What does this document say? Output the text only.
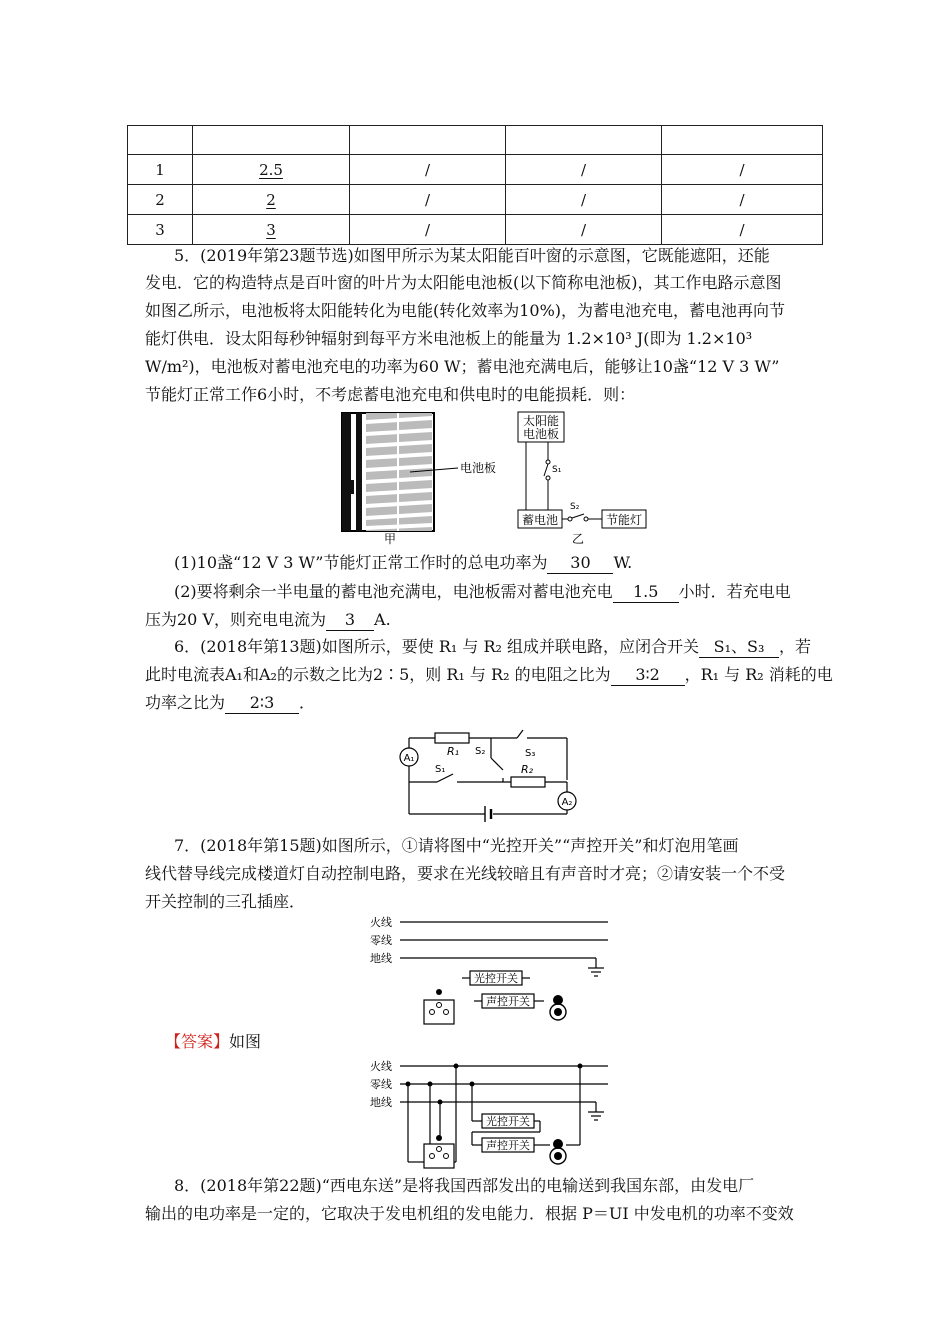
1	2.5	/	/	/
2	2	/	/	/
3	3	/	/	/
5．(2019年第23题节选)如图甲所示为某太阳能百叶窗的示意图，它既能遮阳，还能
发电．它的构造特点是百叶窗的叶片为太阳能电池板(以下简称电池板)，其工作电路示意图
如图乙所示，电池板将太阳能转化为电能(转化效率为10%)，为蓄电池充电，蓄电池再向节
能灯供电．设太阳每秒钟辐射到每平方米电池板上的能量为 1.2×10³ J(即为 1.2×10³
W/m²)，电池板对蓄电池充电的功率为60 W；蓄电池充满电后，能够让10盏“12 V 3 W”
节能灯正常工作6小时，不考虑蓄电池充电和供电时的电能损耗．则：
电池板
甲
太阳能
电池板
S₁
蓄电池
S₂
节能灯
乙
(1)10盏“12 V 3 W”节能灯正常工作时的总电功率为 30 W.
(2)要将剩余一半电量的蓄电池充满电，电池板需对蓄电池充电 1.5 小时．若充电电
压为20 V，则充电电流为 3 A.
6．(2018年第13题)如图所示，要使 R₁ 与 R₂ 组成并联电路，应闭合开关 S₁、S₃ ，若
此时电流表A₁和A₂的示数之比为2∶5，则 R₁ 与 R₂ 的电阻之比为 3∶2 ，R₁ 与 R₂ 消耗的电
功率之比为 2∶3 ．
A₁
A₂
R₁
R₂
S₁
S₂	S₃
7．(2018年第15题)如图所示，①请将图中“光控开关”“声控开关”和灯泡用笔画
线代替导线完成楼道灯自动控制电路，要求在光线较暗且有声音时才亮；②请安装一个不受
开关控制的三孔插座．
火线
零线
地线
光控开关
声控开关
【答案】如图
火线
零线
地线
光控开关
声控开关
8．(2018年第22题)“西电东送”是将我国西部发出的电输送到我国东部，由发电厂
输出的电功率是一定的，它取决于发电机组的发电能力．根据 P＝UI 中发电机的功率不变效
